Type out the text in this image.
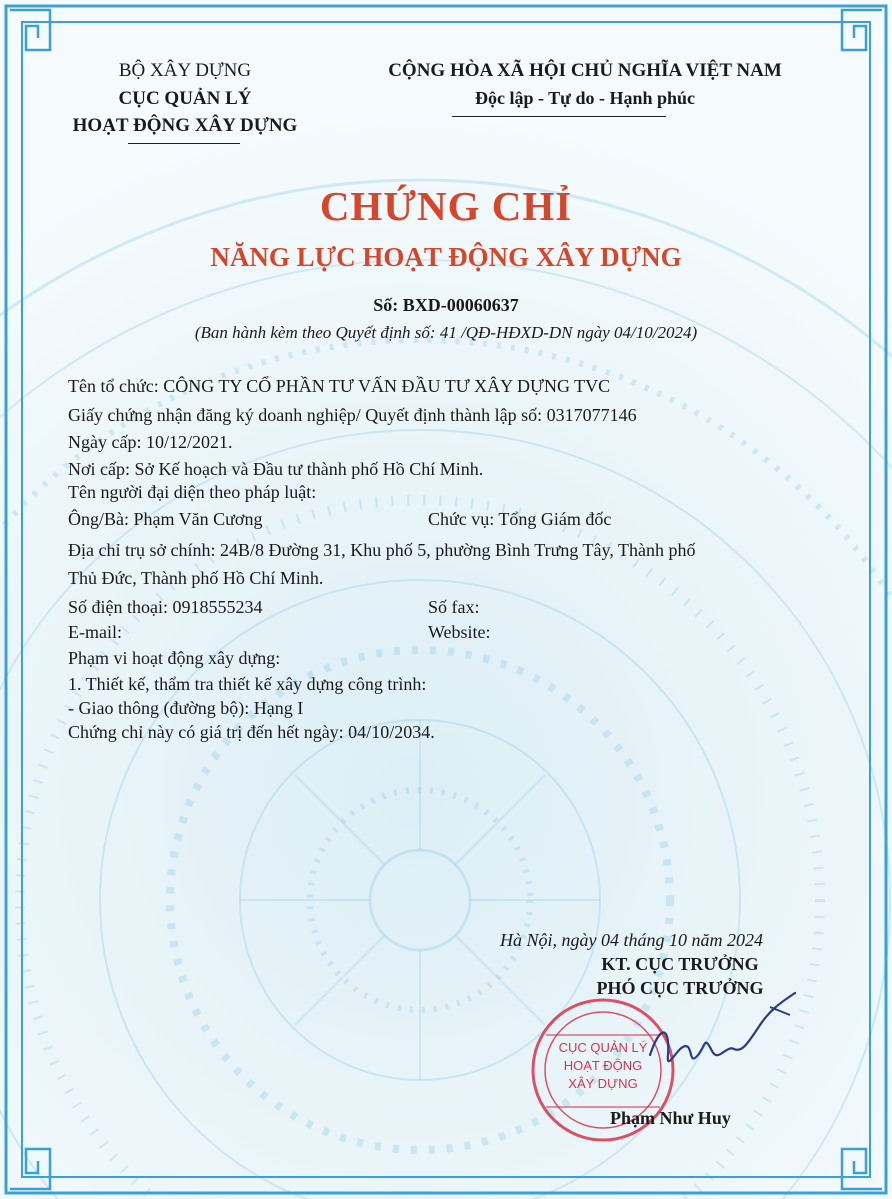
BỘ XÂY DỰNG
CỤC QUẢN LÝ
HOẠT ĐỘNG XÂY DỰNG
CỘNG HÒA XÃ HỘI CHỦ NGHĨA VIỆT NAM
Độc lập - Tự do - Hạnh phúc
CHỨNG CHỈ
NĂNG LỰC HOẠT ĐỘNG XÂY DỰNG
Số: BXD-00060637
(Ban hành kèm theo Quyết định số: 41 /QĐ-HĐXD-DN ngày 04/10/2024)
Tên tổ chức: CÔNG TY CỔ PHẦN TƯ VẤN ĐẦU TƯ XÂY DỰNG TVC
Giấy chứng nhận đăng ký doanh nghiệp/ Quyết định thành lập số: 0317077146
Ngày cấp: 10/12/2021.
Nơi cấp: Sở Kế hoạch và Đầu tư thành phố Hồ Chí Minh.
Tên người đại diện theo pháp luật:
Ông/Bà: Phạm Văn Cương	Chức vụ: Tổng Giám đốc
Địa chỉ trụ sở chính: 24B/8 Đường 31, Khu phố 5, phường Bình Trưng Tây, Thành phố
Thủ Đức, Thành phố Hồ Chí Minh.
Số điện thoại: 0918555234	Số fax:
E-mail:	Website:
Phạm vi hoạt động xây dựng:
1. Thiết kế, thẩm tra thiết kế xây dựng công trình:
- Giao thông (đường bộ): Hạng I
Chứng chỉ này có giá trị đến hết ngày: 04/10/2034.
Hà Nội, ngày 04 tháng 10 năm 2024
KT. CỤC TRƯỞNG
PHÓ CỤC TRƯỞNG
CỤC QUẢN LÝ
HOẠT ĐỘNG
XÂY DỰNG
Phạm Như Huy
